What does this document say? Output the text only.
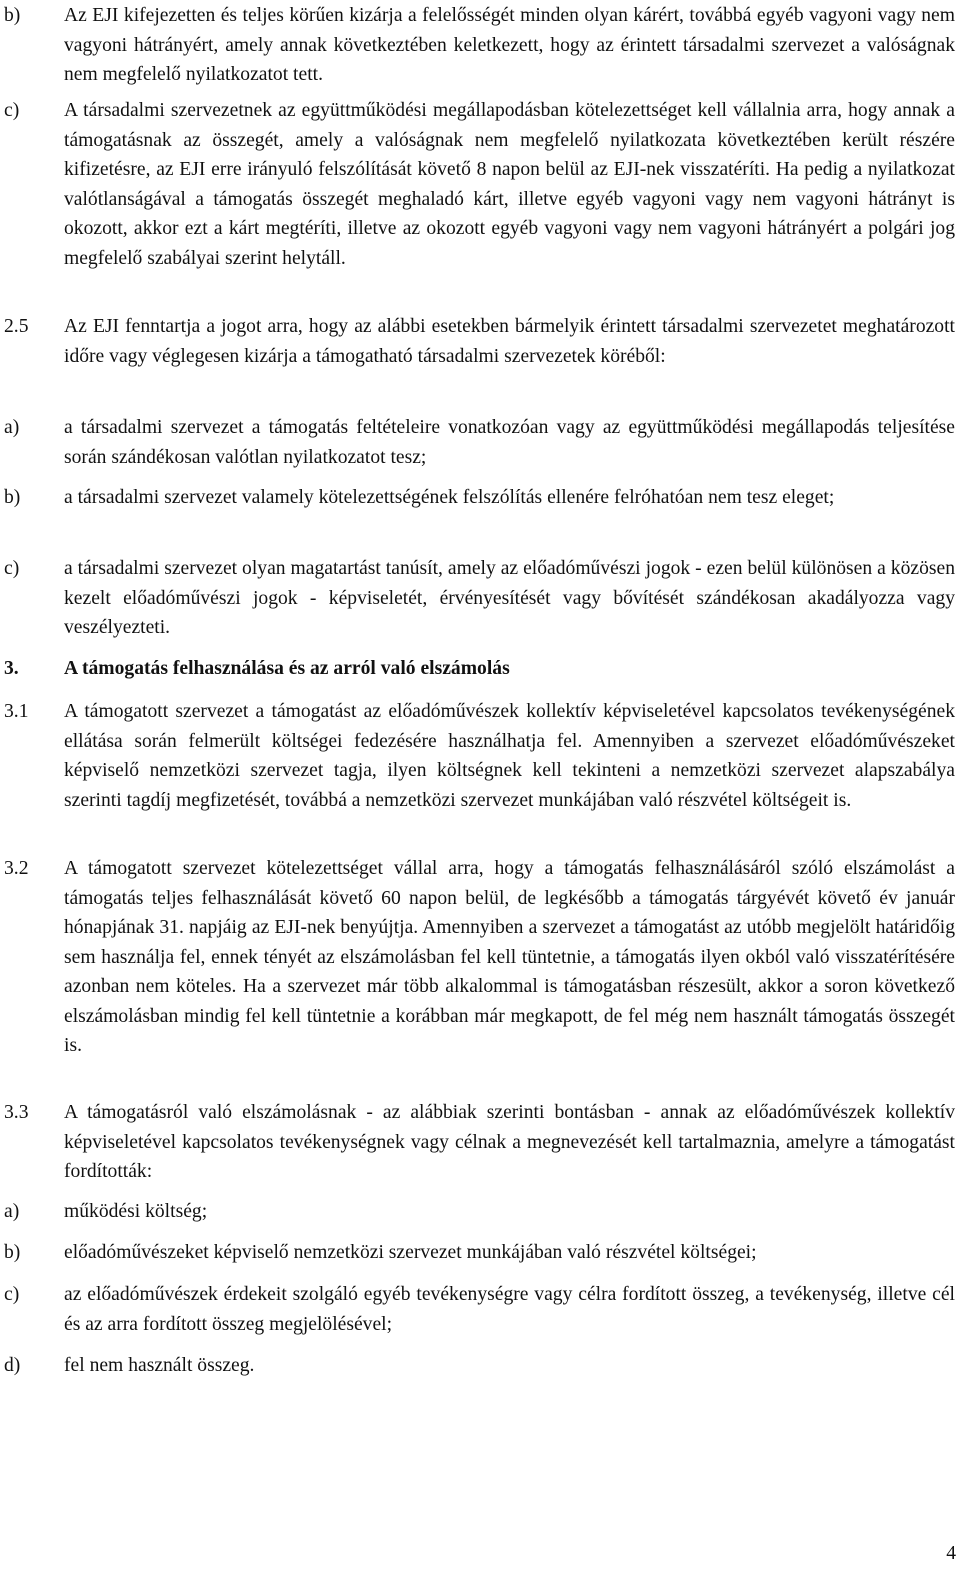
b) Az EJI kifejezetten és teljes körűen kizárja a felelősségét minden olyan kárért, továbbá egyéb vagyoni vagy nem vagyoni hátrányért, amely annak következtében keletkezett, hogy az érintett társadalmi szervezet a valóságnak nem megfelelő nyilatkozatot tett.
c) A társadalmi szervezetnek az együttműködési megállapodásban kötelezettséget kell vállalnia arra, hogy annak a támogatásnak az összegét, amely a valóságnak nem megfelelő nyilatkozata következtében került részére kifizetésre, az EJI erre irányuló felszólítását követő 8 napon belül az EJI-nek visszatéríti. Ha pedig a nyilatkozat valótlanságával a támogatás összegét meghaladó kárt, illetve egyéb vagyoni vagy nem vagyoni hátrányt is okozott, akkor ezt a kárt megtéríti, illetve az okozott egyéb vagyoni vagy nem vagyoni hátrányért a polgári jog megfelelő szabályai szerint helytáll.
2.5 Az EJI fenntartja a jogot arra, hogy az alábbi esetekben bármelyik érintett társadalmi szervezetet meghatározott időre vagy véglegesen kizárja a támogatható társadalmi szervezetek köréből:
a) a társadalmi szervezet a támogatás feltételeire vonatkozóan vagy az együttműködési megállapodás teljesítése során szándékosan valótlan nyilatkozatot tesz;
b) a társadalmi szervezet valamely kötelezettségének felszólítás ellenére felróhatóan nem tesz eleget;
c) a társadalmi szervezet olyan magatartást tanúsít, amely az előadóművészi jogok - ezen belül különösen a közösen kezelt előadóművészi jogok - képviseletét, érvényesítését vagy bővítését szándékosan akadályozza vagy veszélyezteti.
3. A támogatás felhasználása és az arról való elszámolás
3.1 A támogatott szervezet a támogatást az előadóművészek kollektív képviseletével kapcsolatos tevékenységének ellátása során felmerült költségei fedezésére használhatja fel. Amennyiben a szervezet előadóművészeket képviselő nemzetközi szervezet tagja, ilyen költségnek kell tekinteni a nemzetközi szervezet alapszabálya szerinti tagdíj megfizetését, továbbá a nemzetközi szervezet munkájában való részvétel költségeit is.
3.2 A támogatott szervezet kötelezettséget vállal arra, hogy a támogatás felhasználásáról szóló elszámolást a támogatás teljes felhasználását követő 60 napon belül, de legkésőbb a támogatás tárgyévét követő év január hónapjának 31. napjáig az EJI-nek benyújtja. Amennyiben a szervezet a támogatást az utóbb megjelölt határidőig sem használja fel, ennek tényét az elszámolásban fel kell tüntetnie, a támogatás ilyen okból való visszatérítésére azonban nem köteles. Ha a szervezet már több alkalommal is támogatásban részesült, akkor a soron következő elszámolásban mindig fel kell tüntetnie a korábban már megkapott, de fel még nem használt támogatás összegét is.
3.3 A támogatásról való elszámolásnak - az alábbiak szerinti bontásban - annak az előadóművészek kollektív képviseletével kapcsolatos tevékenységnek vagy célnak a megnevezését kell tartalmaznia, amelyre a támogatást fordították:
a) működési költség;
b) előadóművészeket képviselő nemzetközi szervezet munkájában való részvétel költségei;
c) az előadóművészek érdekeit szolgáló egyéb tevékenységre vagy célra fordított összeg, a tevékenység, illetve cél és az arra fordított összeg megjelölésével;
d) fel nem használt összeg.
4
